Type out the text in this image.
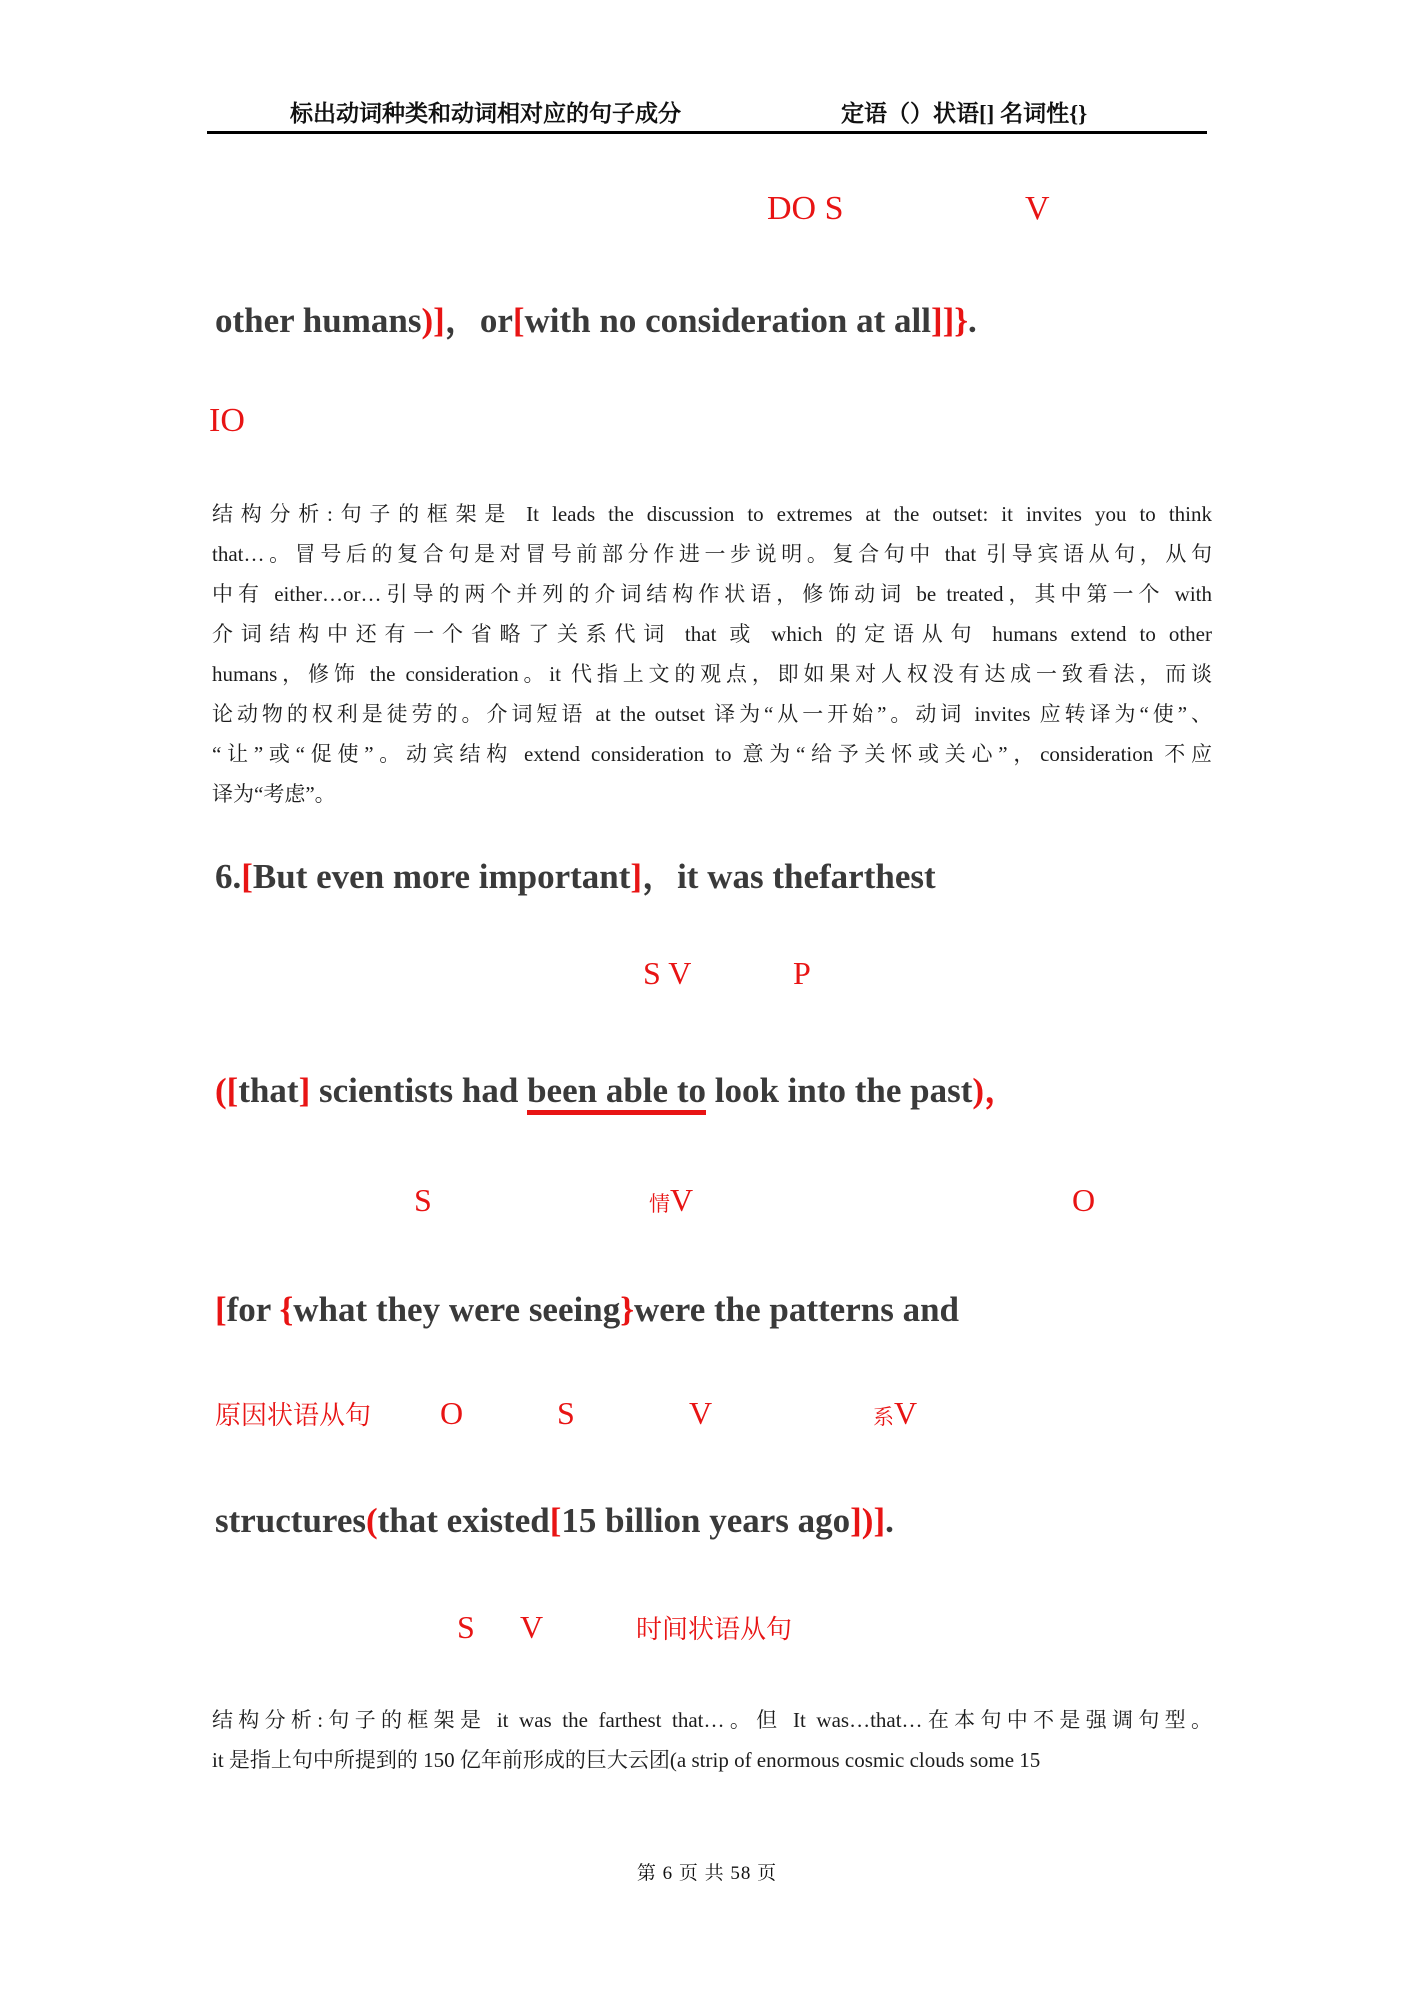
标出动词种类和动词相对应的句子成分	定语（）状语[] 名词性{}
DO S	V
other humans)]，or[with no consideration at all]]}.
IO
结构分析:句子的框架是 It leads the discussion to extremes at the outset: it invites you to think
that…。冒号后的复合句是对冒号前部分作进一步说明。复合句中 that 引导宾语从句，从句
中有 either…or…引导的两个并列的介词结构作状语，修饰动词 be treated，其中第一个 with
介词结构中还有一个省略了关系代词 that 或 which 的定语从句 humans extend to other
humans，修饰 the consideration。it 代指上文的观点，即如果对人权没有达成一致看法，而谈
论动物的权利是徒劳的。介词短语 at the outset 译为“从一开始”。动词 invites 应转译为“使”、
“让”或“促使”。动宾结构 extend consideration to 意为“给予关怀或关心”，consideration 不应
译为“考虑”。
6.[But even more important]，it was thefarthest
S V	P
([that] scientists had been able to look into the past)，
S	情V	O
[for {what they were seeing}were the patterns and
原因状语从句 O	S	V	系V
structures(that existed[15 billion years ago])].
S V	时间状语从句
结构分析:句子的框架是 it was the farthest that…。但 It was…that…在本句中不是强调句型。
it 是指上句中所提到的 150 亿年前形成的巨大云团(a strip of enormous cosmic clouds some 15
第 6 页 共 58 页
